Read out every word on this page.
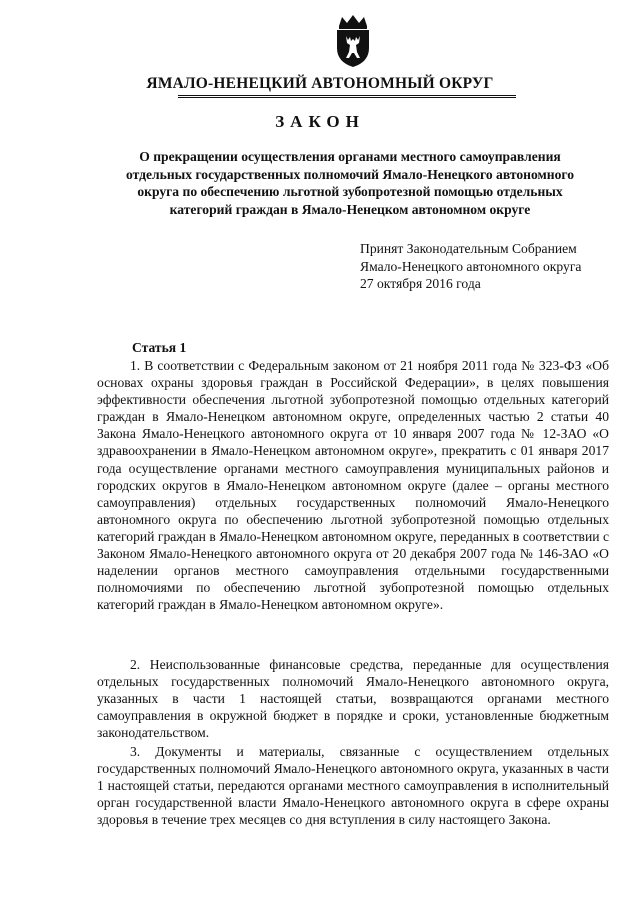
ЯМАЛО-НЕНЕЦКИЙ АВТОНОМНЫЙ ОКРУГ
ЗАКОН
О прекращении осуществления органами местного самоуправления
отдельных государственных полномочий Ямало-Ненецкого автономного
округа по обеспечению льготной зубопротезной помощью отдельных
категорий граждан в Ямало-Ненецком автономном округе
Принят Законодательным Собранием
Ямало-Ненецкого автономного округа
27 октября 2016 года
Статья 1
1. В соответствии с Федеральным законом от 21 ноября 2011 года № 323-ФЗ «Об основах охраны здоровья граждан в Российской Федерации», в целях повышения эффективности обеспечения льготной зубопротезной помощью отдельных категорий граждан в Ямало-Ненецком автономном округе, определенных частью 2 статьи 40 Закона Ямало-Ненецкого автономного округа от 10 января 2007 года № 12-ЗАО «О здравоохранении в Ямало-Ненецком автономном округе», прекратить с 01 января 2017 года осуществление органами местного самоуправления муниципальных районов и городских округов в Ямало-Ненецком автономном округе (далее – органы местного самоуправления) отдельных государственных полномочий Ямало-Ненецкого автономного округа по обеспечению льготной зубопротезной помощью отдельных категорий граждан в Ямало-Ненецком автономном округе, переданных в соответствии с Законом Ямало-Ненецкого автономного округа от 20 декабря 2007 года № 146-ЗАО «О наделении органов местного самоуправления отдельными государственными полномочиями по обеспечению льготной зубопротезной помощью отдельных категорий граждан в Ямало-Ненецком автономном округе».
2. Неиспользованные финансовые средства, переданные для осуществления отдельных государственных полномочий Ямало-Ненецкого автономного округа, указанных в части 1 настоящей статьи, возвращаются органами местного самоуправления в окружной бюджет в порядке и сроки, установленные бюджетным законодательством.
3. Документы и материалы, связанные с осуществлением отдельных государственных полномочий Ямало-Ненецкого автономного округа, указанных в части 1 настоящей статьи, передаются органами местного самоуправления в исполнительный орган государственной власти Ямало-Ненецкого автономного округа в сфере охраны здоровья в течение трех месяцев со дня вступления в силу настоящего Закона.
